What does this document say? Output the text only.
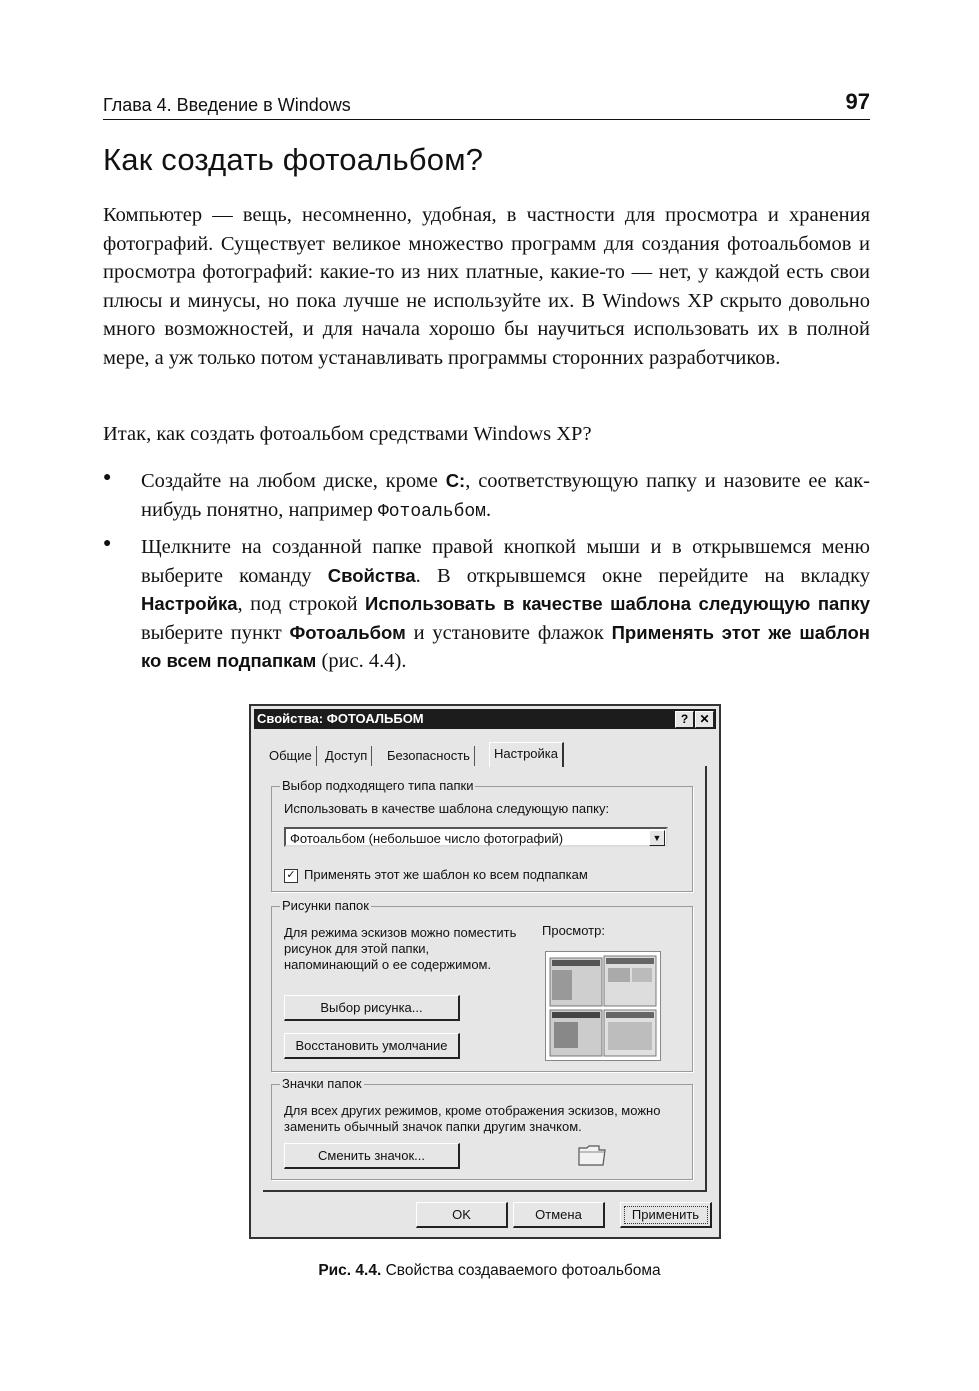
Глава 4. Введение в Windows	97
Как создать фотоальбом?
Компьютер — вещь, несомненно, удобная, в частности для просмотра и хранения фотографий. Существует великое множество программ для создания фотоальбомов и просмотра фотографий: какие-то из них платные, какие-то — нет, у каждой есть свои плюсы и минусы, но пока лучше не используйте их. В Windows XP скрыто довольно много возможностей, и для начала хорошо бы научиться использовать их в полной мере, а уж только потом устанавливать программы сторонних разработчиков.
Итак, как создать фотоальбом средствами Windows XP?
● Создайте на любом диске, кроме C:, соответствующую папку и назовите ее как-нибудь понятно, например Фотоальбом.
● Щелкните на созданной папке правой кнопкой мыши и в открывшемся меню выберите команду Свойства. В открывшемся окне перейдите на вкладку Настройка, под строкой Использовать в качестве шаблона следующую папку выберите пункт Фотоальбом и установите флажок Применять этот же шаблон ко всем подпапкам (рис. 4.4).
Свойства: ФОТОАЛЬБОМ	? ✕
Общие	Доступ	Безопасность	Настройка
Выбор подходящего типа папки
Использовать в качестве шаблона следующую папку:
Фотоальбом (небольшое число фотографий)	▼
✓ Применять этот же шаблон ко всем подпапкам
Рисунки папок
Для режима эскизов можно поместить рисунок для этой папки, напоминающий о ее содержимом.
Просмотр:
Выбор рисунка...
Восстановить умолчание
Значки папок
Для всех других режимов, кроме отображения эскизов, можно заменить обычный значок папки другим значком.
Сменить значок...
OK	Отмена	Применить
Рис. 4.4. Свойства создаваемого фотоальбома
